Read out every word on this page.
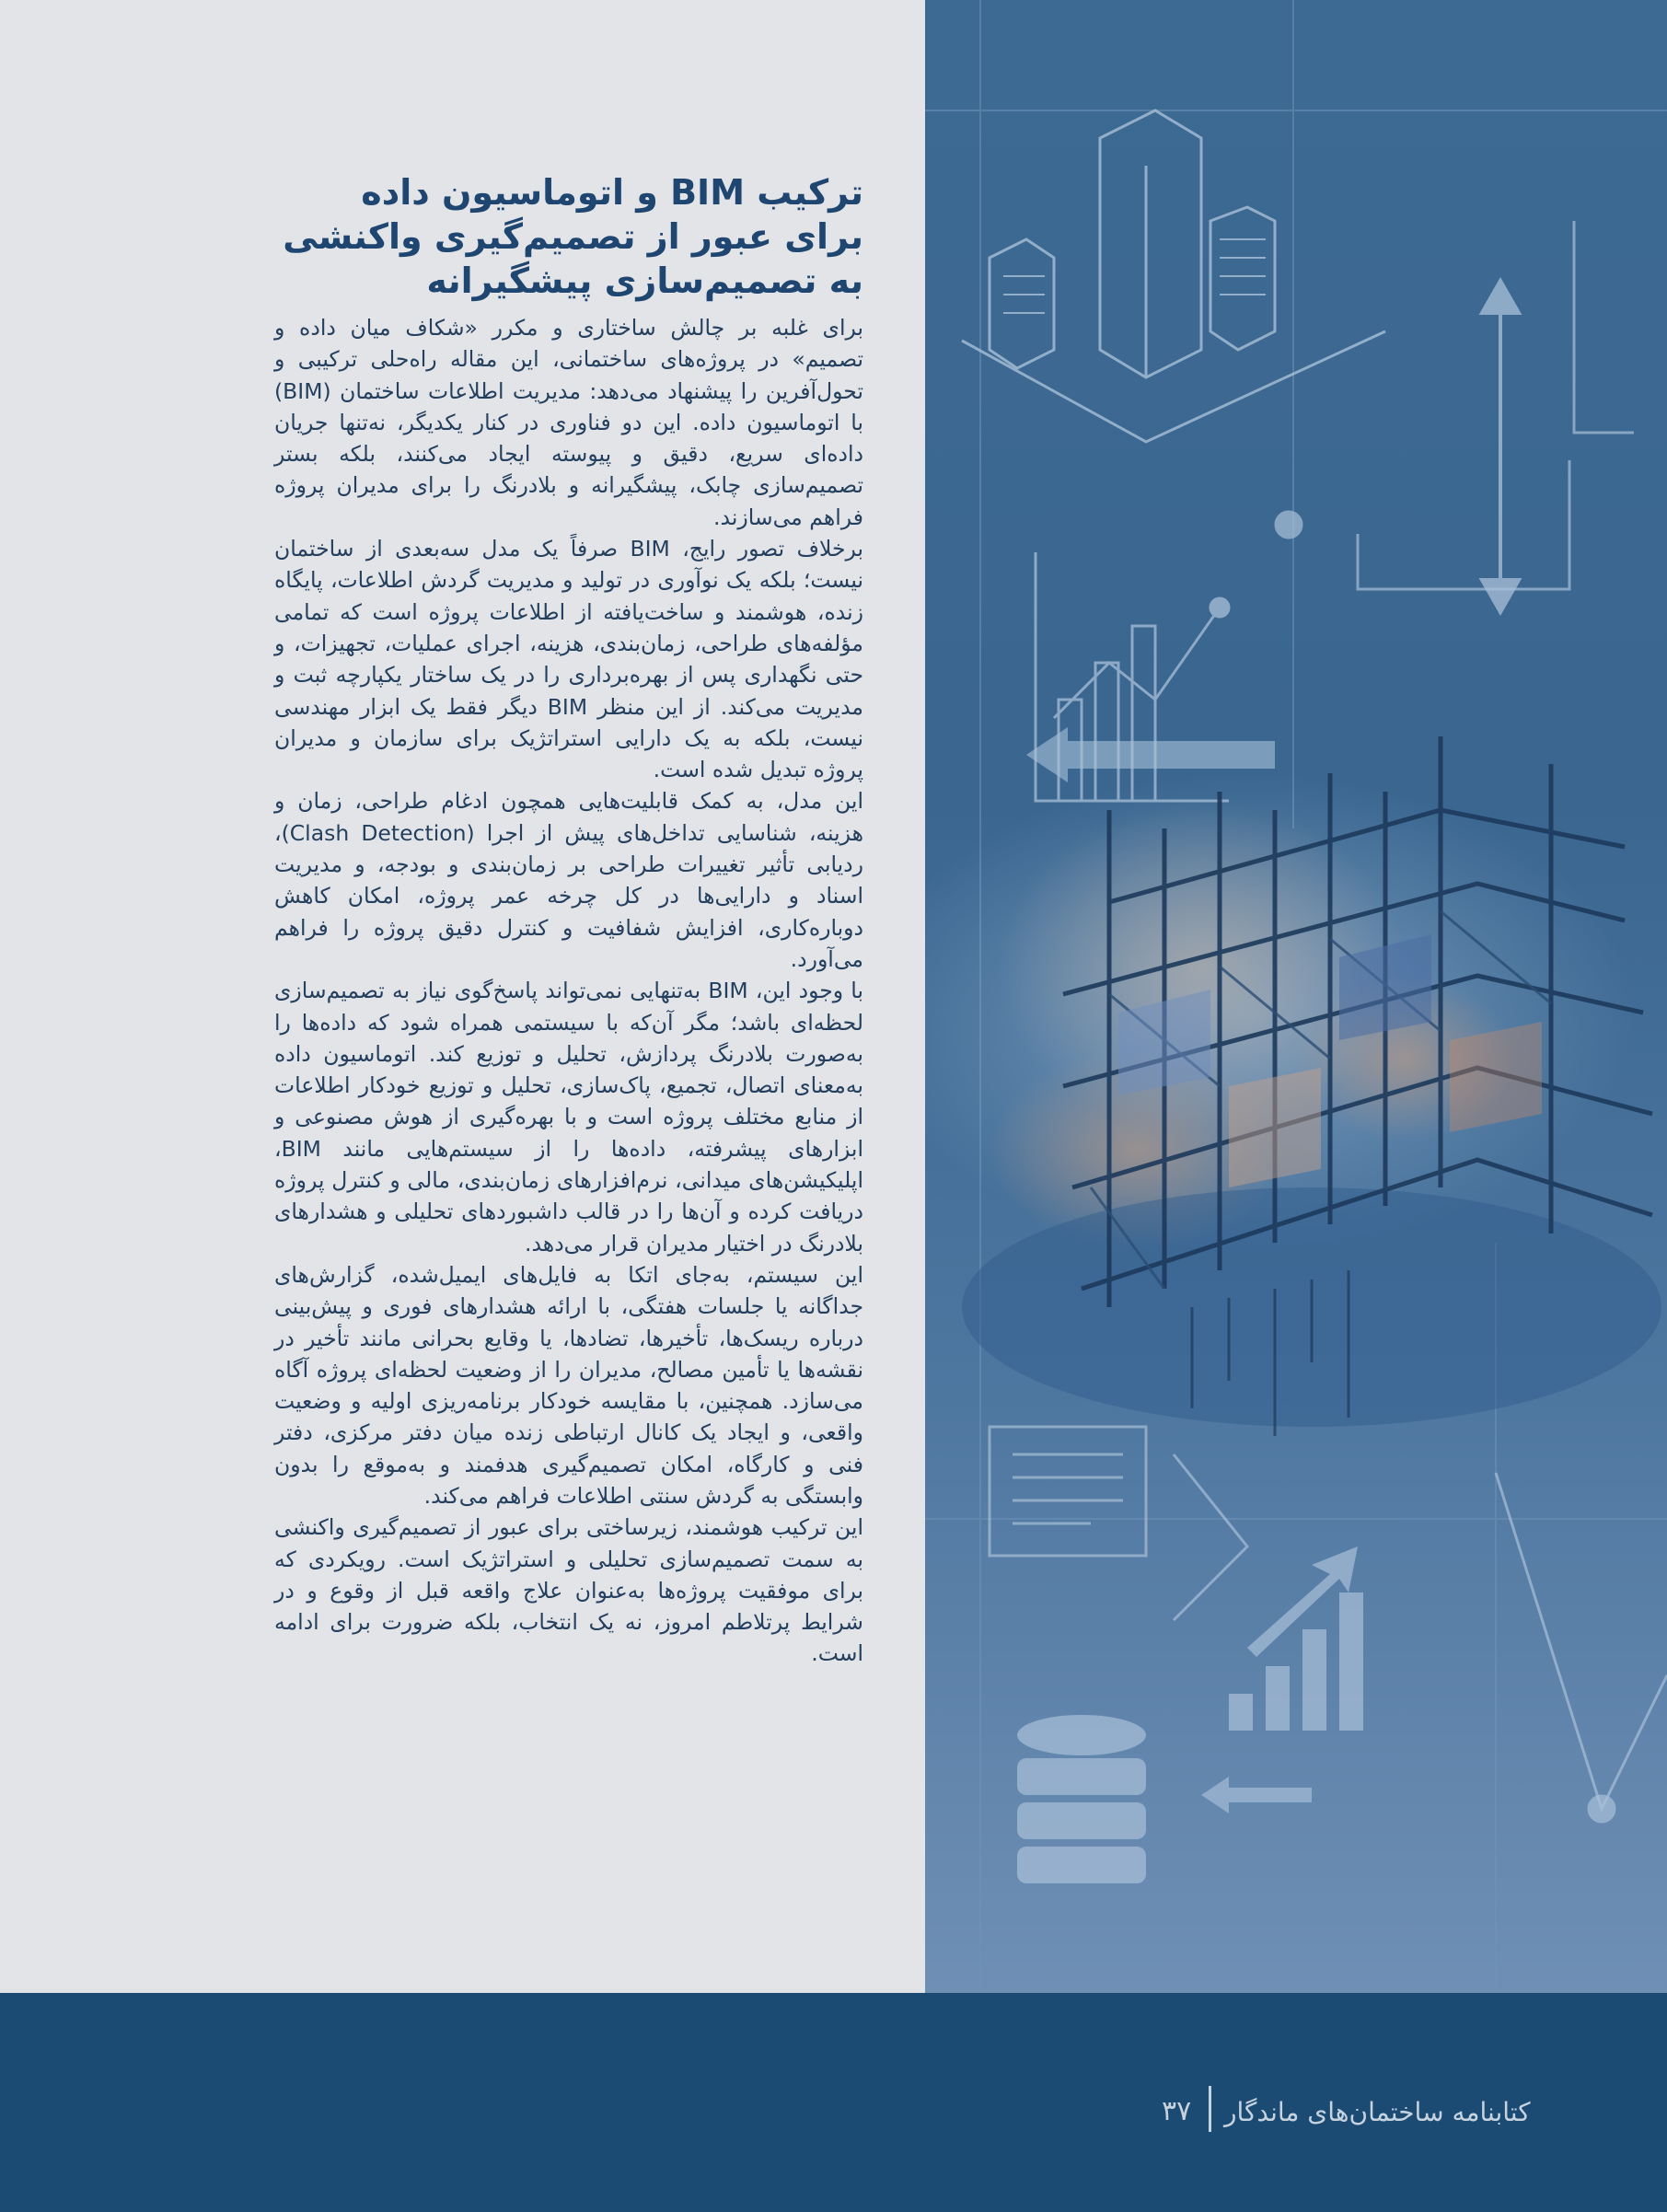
ترکیب BIM و اتوماسیون داده برای عبور از تصمیم‌گیری واکنشی به تصمیم‌سازی پیشگیرانه

برای غلبه بر چالش ساختاری و مکرر «شکاف میان داده و تصمیم» در پروژه‌های ساختمانی، این مقاله راه‌حلی ترکیبی و تحول‌آفرین را پیشنهاد می‌دهد: مدیریت اطلاعات ساختمان (BIM) با اتوماسیون داده. این دو فناوری در کنار یکدیگر، نه‌تنها جریان داده‌ای سریع، دقیق و پیوسته ایجاد می‌کنند، بلکه بستر تصمیم‌سازی چابک، پیشگیرانه و بلادرنگ را برای مدیران پروژه فراهم می‌سازند.

برخلاف تصور رایج، BIM صرفاً یک مدل سه‌بعدی از ساختمان نیست؛ بلکه یک نوآوری در تولید و مدیریت گردش اطلاعات، پایگاه زنده، هوشمند و ساخت‌یافته از اطلاعات پروژه است که تمامی مؤلفه‌های طراحی، زمان‌بندی، هزینه، اجرای عملیات، تجهیزات، و حتی نگهداری پس از بهره‌برداری را در یک ساختار یکپارچه ثبت و مدیریت می‌کند. از این منظر BIM دیگر فقط یک ابزار مهندسی نیست، بلکه به یک دارایی استراتژیک برای سازمان و مدیران پروژه تبدیل شده است.

این مدل، به کمک قابلیت‌هایی همچون ادغام طراحی، زمان و هزینه، شناسایی تداخل‌های پیش از اجرا (Clash Detection)، ردیابی تأثیر تغییرات طراحی بر زمان‌بندی و بودجه، و مدیریت اسناد و دارایی‌ها در کل چرخه عمر پروژه، امکان کاهش دوباره‌کاری، افزایش شفافیت و کنترل دقیق پروژه را فراهم می‌آورد.

با وجود این، BIM به‌تنهایی نمی‌تواند پاسخ‌گوی نیاز به تصمیم‌سازی لحظه‌ای باشد؛ مگر آن‌که با سیستمی همراه شود که داده‌ها را به‌صورت بلادرنگ پردازش، تحلیل و توزیع کند. اتوماسیون داده به‌معنای اتصال، تجمیع، پاک‌سازی، تحلیل و توزیع خودکار اطلاعات از منابع مختلف پروژه است و با بهره‌گیری از هوش مصنوعی و ابزارهای پیشرفته، داده‌ها را از سیستم‌هایی مانند BIM، اپلیکیشن‌های میدانی، نرم‌افزارهای زمان‌بندی، مالی و کنترل پروژه دریافت کرده و آن‌ها را در قالب داشبوردهای تحلیلی و هشدارهای بلادرنگ در اختیار مدیران قرار می‌دهد.

این سیستم، به‌جای اتکا به فایل‌های ایمیل‌شده، گزارش‌های جداگانه یا جلسات هفتگی، با ارائه هشدارهای فوری و پیش‌بینی درباره ریسک‌ها، تأخیرها، تضادها، یا وقایع بحرانی مانند تأخیر در نقشه‌ها یا تأمین مصالح، مدیران را از وضعیت لحظه‌ای پروژه آگاه می‌سازد. همچنین، با مقایسه خودکار برنامه‌ریزی اولیه و وضعیت واقعی، و ایجاد یک کانال ارتباطی زنده میان دفتر مرکزی، دفتر فنی و کارگاه، امکان تصمیم‌گیری هدفمند و به‌موقع را بدون وابستگی به گردش سنتی اطلاعات فراهم می‌کند.

این ترکیب هوشمند، زیرساختی برای عبور از تصمیم‌گیری واکنشی به سمت تصمیم‌سازی تحلیلی و استراتژیک است. رویکردی که برای موفقیت پروژه‌ها به‌عنوان علاج واقعه قبل از وقوع و در شرایط پرتلاطم امروز، نه یک انتخاب، بلکه ضرورت برای ادامه است.

کتابنامه ساختمان‌های ماندگار
۳۷
